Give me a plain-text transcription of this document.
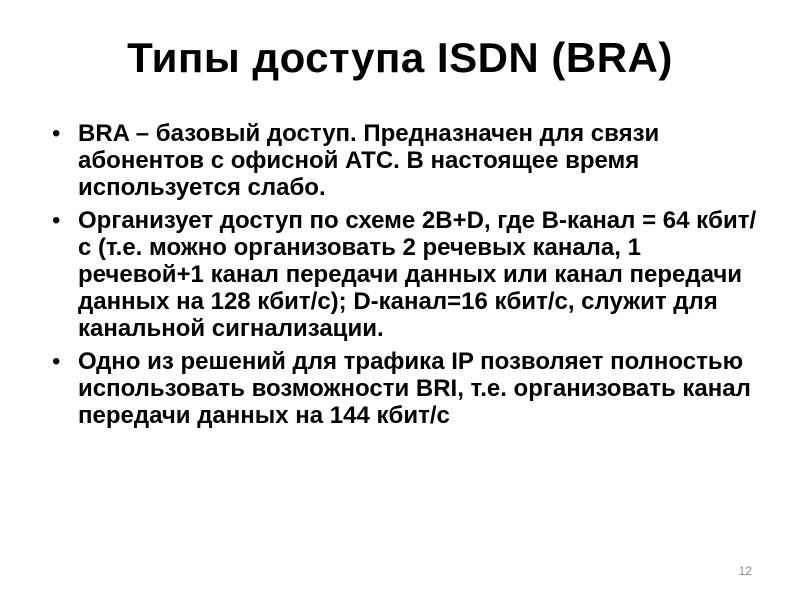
Типы доступа ISDN (BRA)
• BRA – базовый доступ. Предназначен для связи абонентов с офисной АТС. В настоящее время используется слабо.
• Организует доступ по схеме 2B+D, где В-канал = 64 кбит/с (т.е. можно организовать 2 речевых канала, 1 речевой+1 канал передачи данных или канал передачи данных на 128 кбит/с); D-канал=16 кбит/с, служит для канальной сигнализации.
• Одно из решений для трафика IP позволяет полностью использовать возможности BRI, т.е. организовать канал передачи данных на 144 кбит/с
12
